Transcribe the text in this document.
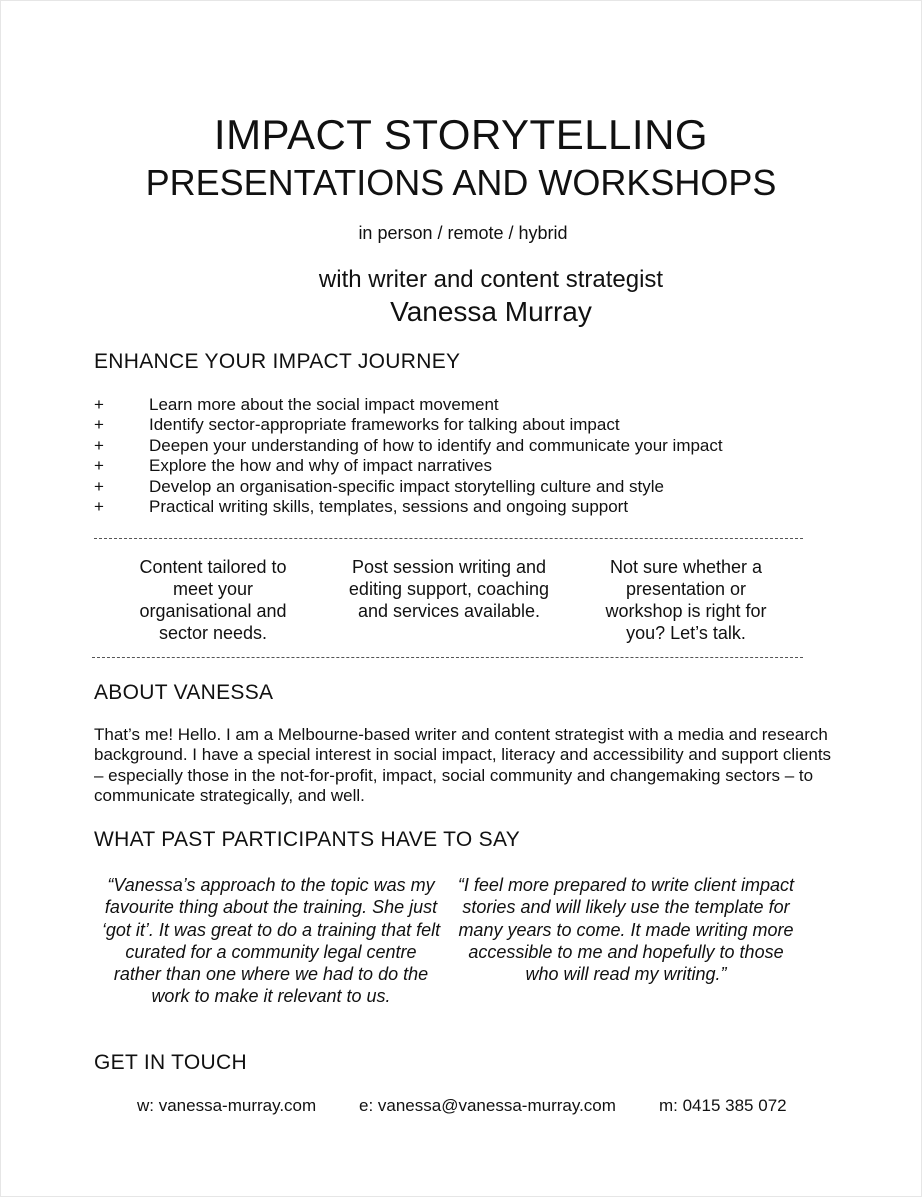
IMPACT STORYTELLING
PRESENTATIONS AND WORKSHOPS
in person / remote / hybrid
with writer and content strategist
Vanessa Murray
ENHANCE YOUR IMPACT JOURNEY
+	Learn more about the social impact movement
+	Identify sector-appropriate frameworks for talking about impact
+	Deepen your understanding of how to identify and communicate your impact
+	Explore the how and why of impact narratives
+	Develop an organisation-specific impact storytelling culture and style
+	Practical writing skills, templates, sessions and ongoing support
Content tailored to meet your organisational and sector needs.
Post session writing and editing support, coaching and services available.
Not sure whether a presentation or workshop is right for you? Let’s talk.
ABOUT VANESSA
That’s me! Hello. I am a Melbourne-based writer and content strategist with a media and research background. I have a special interest in social impact, literacy and accessibility and support clients – especially those in the not-for-profit, impact, social community and changemaking sectors – to communicate strategically, and well.
WHAT PAST PARTICIPANTS HAVE TO SAY
“Vanessa’s approach to the topic was my favourite thing about the training. She just ‘got it’. It was great to do a training that felt curated for a community legal centre rather than one where we had to do the work to make it relevant to us.
“I feel more prepared to write client impact stories and will likely use the template for many years to come. It made writing more accessible to me and hopefully to those who will read my writing.”
GET IN TOUCH
w: vanessa-murray.com	e: vanessa@vanessa-murray.com	m: 0415 385 072
